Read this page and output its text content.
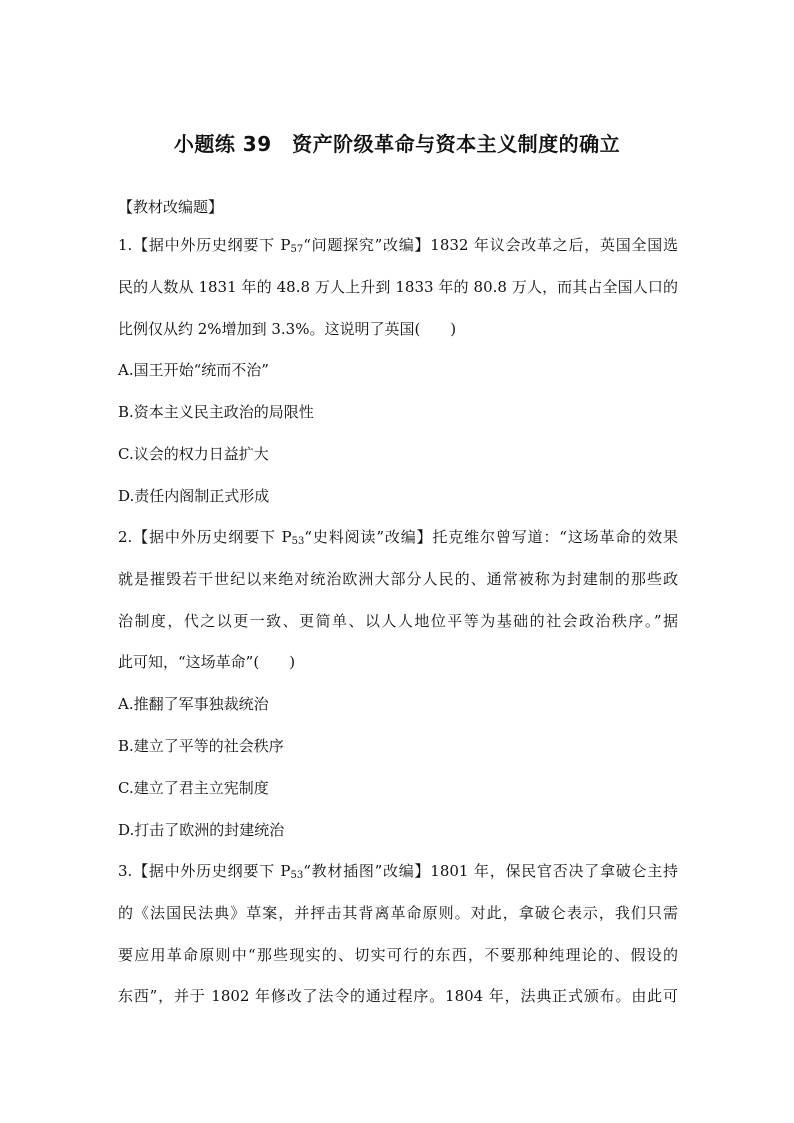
小题练 39　资产阶级革命与资本主义制度的确立
【教材改编题】
1.【据中外历史纲要下 $P_{57}“$问题探究”改编】1832 年议会改革之后，英国全国选
民的人数从 1831 年的 48.8 万人上升到 1833 年的 80.8 万人，而其占全国人口的
比例仅从约 2%增加到 3.3%。这说明了英国(　　)
A.国王开始“统而不治”
B.资本主义民主政治的局限性
C.议会的权力日益扩大
D.责任内阁制正式形成
2.【据中外历史纲要下 $P_{53}“$史料阅读”改编】托克维尔曾写道：“这场革命的效果
就是摧毁若干世纪以来绝对统治欧洲大部分人民的、通常被称为封建制的那些政
治制度，代之以更一致、更简单、以人人地位平等为基础的社会政治秩序。”据
此可知，“这场革命”(　　)
A.推翻了军事独裁统治
B.建立了平等的社会秩序
C.建立了君主立宪制度
D.打击了欧洲的封建统治
3.【据中外历史纲要下 $P_{53}“$教材插图”改编】1801 年，保民官否决了拿破仑主持
的《法国民法典》草案，并抨击其背离革命原则。对此，拿破仑表示，我们只需
要应用革命原则中“那些现实的、切实可行的东西，不要那种纯理论的、假设的
东西”，并于 1802 年修改了法令的通过程序。1804 年，法典正式颁布。由此可
